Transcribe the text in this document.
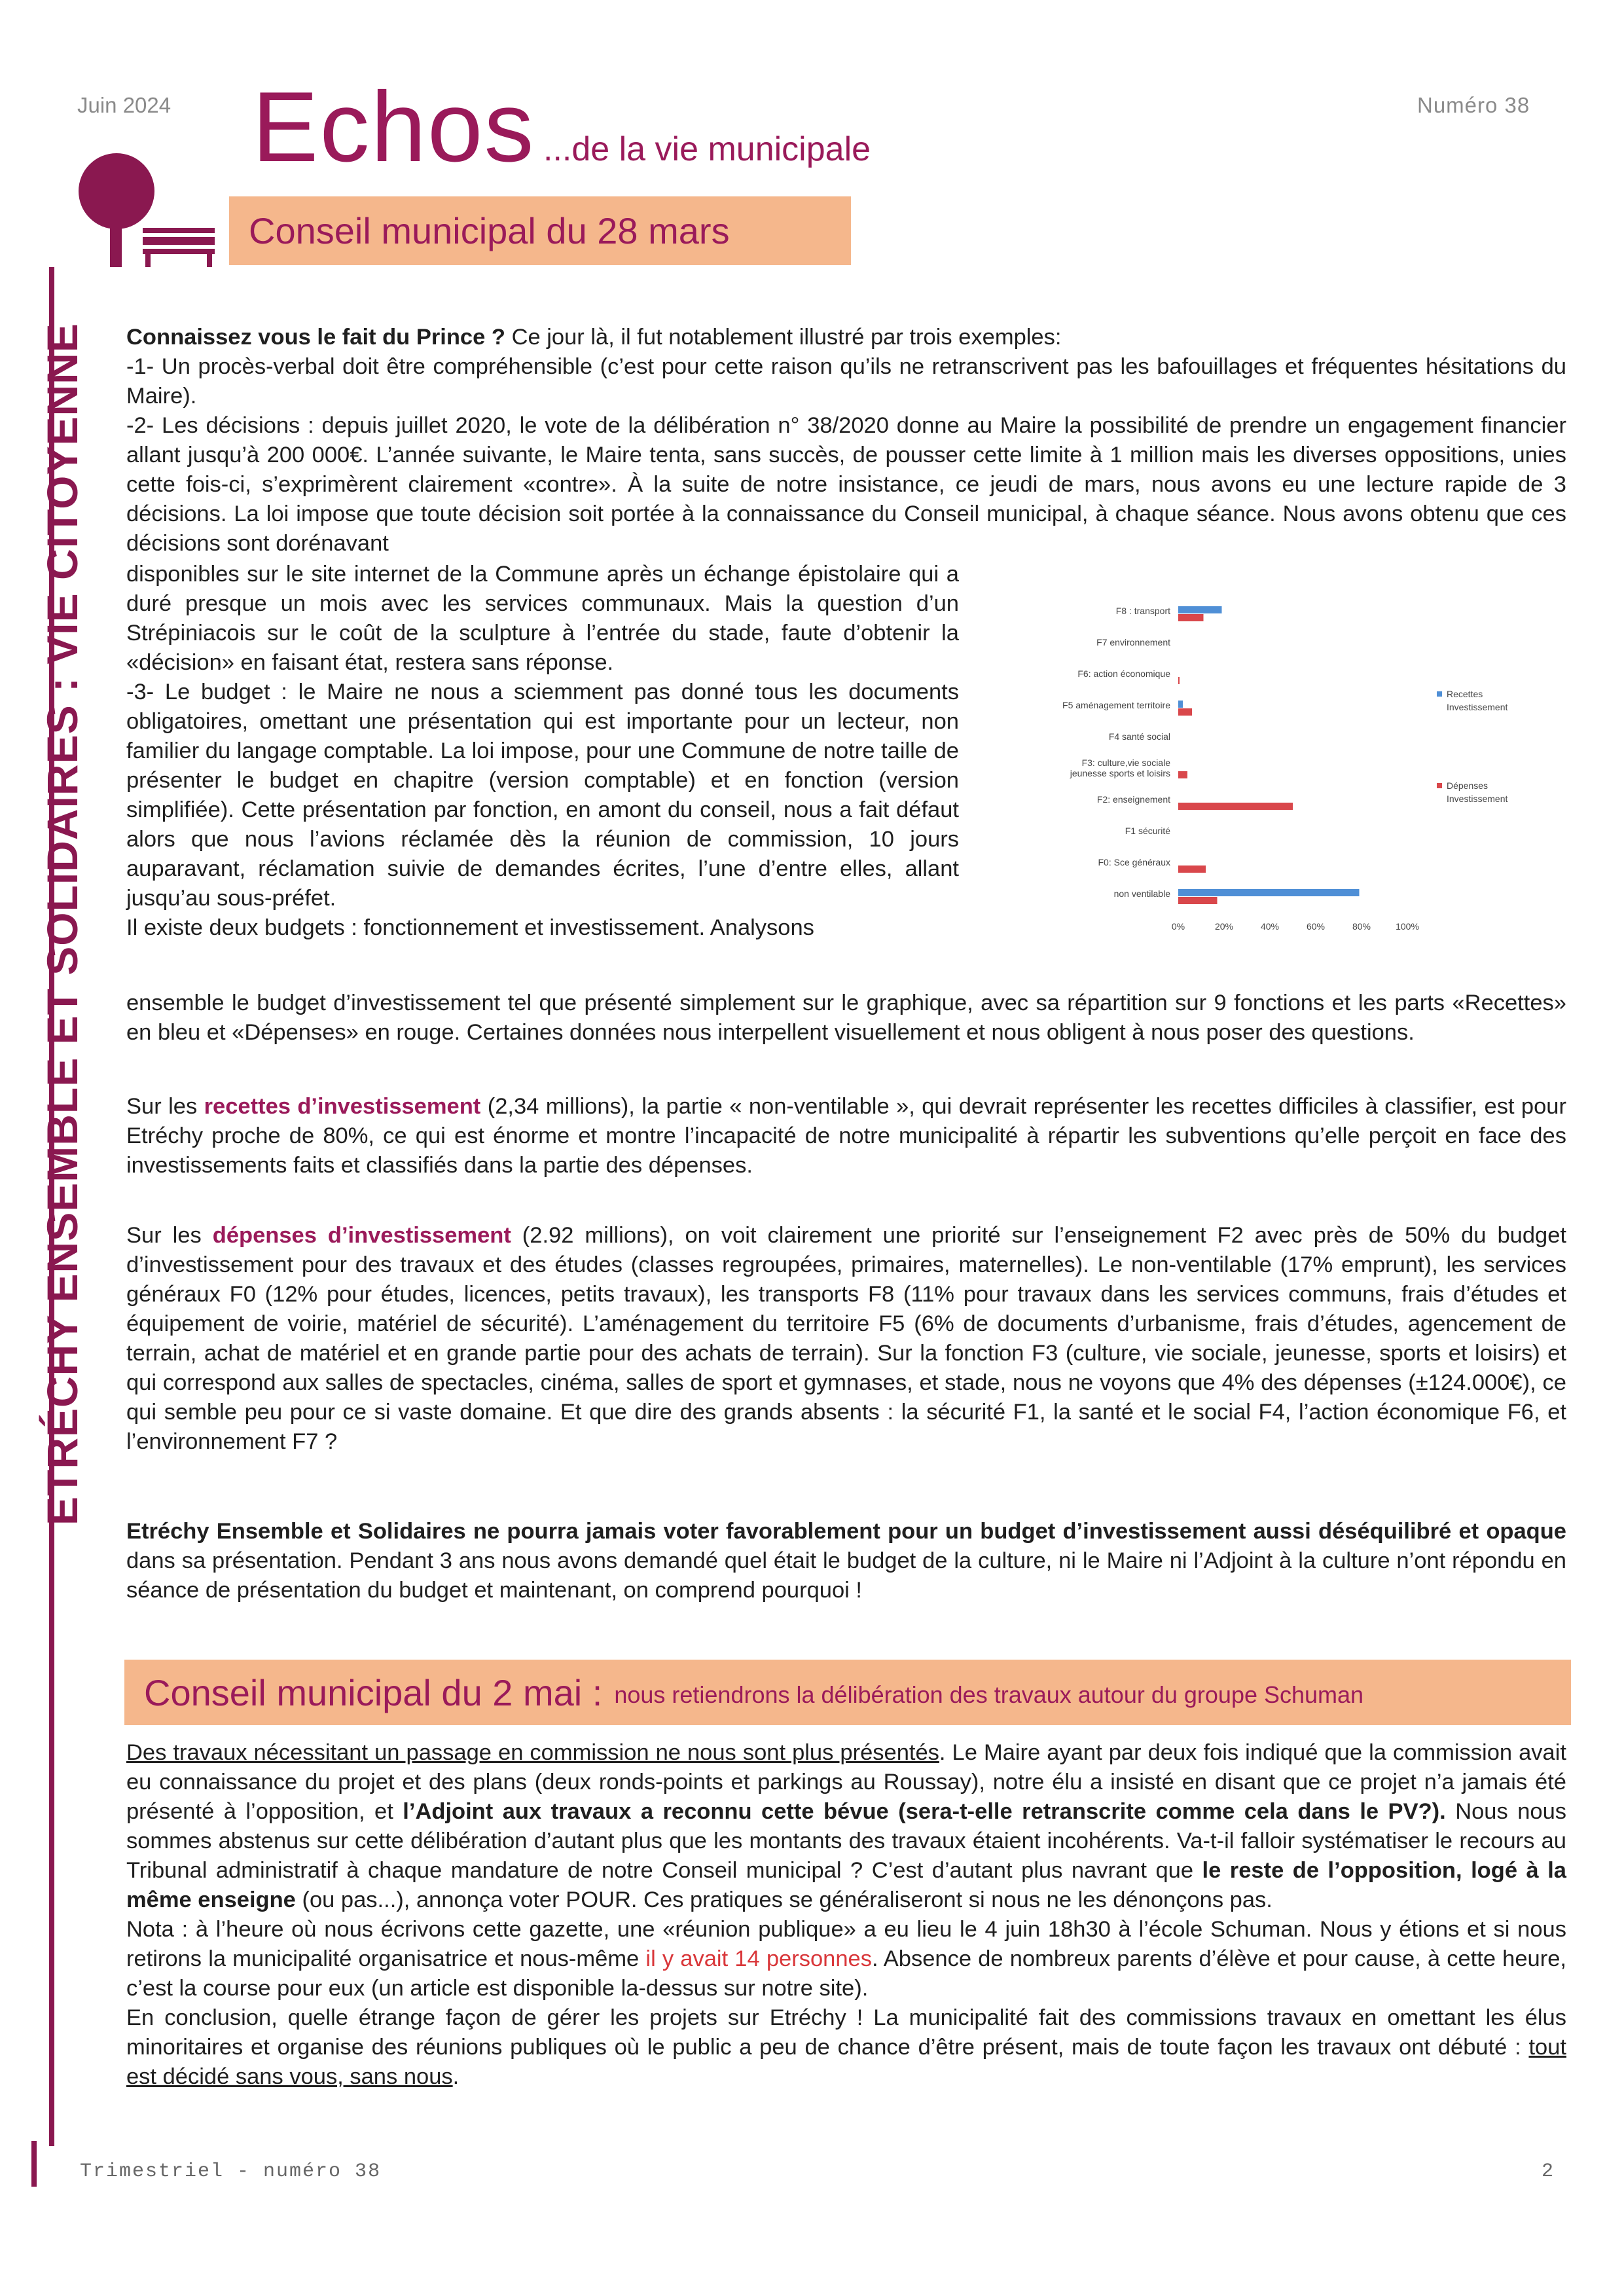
Juin 2024 Echos ...de la vie municipale
Numéro 38
ETRÉCHY ENSEMBLE ET SOLIDAIRES : VIE CITOYENNE
Conseil municipal du 28 mars

Connaissez vous le fait du Prince ? Ce jour là, il fut notablement illustré par trois exemples:

-1- Un procès-verbal doit être compréhensible (c’est pour cette raison qu’ils ne retranscrivent pas les bafouillages et fréquentes hésitations du Maire).

-2- Les décisions : depuis juillet 2020, le vote de la délibération n° 38/2020 donne au Maire la possibilité de prendre un engagement financier allant jusqu’à 200 000€. L’année suivante, le Maire tenta, sans succès, de pousser cette limite à 1 million mais les diverses oppositions, unies cette fois-ci, s’exprimèrent clairement «contre». À la suite de notre insistance, ce jeudi de mars, nous avons eu une lecture rapide de 3 décisions. La loi impose que toute décision soit portée à la connaissance du Conseil municipal, à chaque séance. Nous avons obtenu que ces décisions sont dorénavant

disponibles sur le site internet de la Commune après un échange épistolaire qui a duré presque un mois avec les services communaux. Mais la question d’un Strépiniacois sur le coût de la sculpture à l’entrée du stade, faute d’obtenir la «décision» en faisant état, restera sans réponse.

-3- Le budget : le Maire ne nous a sciemment pas donné tous les documents obligatoires, omettant une présentation qui est importante pour un lecteur, non familier du langage comptable. La loi impose, pour une Commune de notre taille de présenter le budget en chapitre (version comptable) et en fonction (version simplifiée). Cette présentation par fonction, en amont du conseil, nous a fait défaut alors que nous l’avions réclamée dès la réunion de commission, 10 jours auparavant, réclamation suivie de demandes écrites, l’une d’entre elles, allant jusqu’au sous-préfet.

Il existe deux budgets : fonctionnement et investissement. Analysons

ensemble le budget d’investissement tel que présenté simplement sur le graphique, avec sa répartition sur 9 fonctions et les parts «Recettes» en bleu et «Dépenses» en rouge. Certaines données nous interpellent visuellement et nous obligent à nous poser des questions.

Sur les recettes d’investissement (2,34 millions), la partie « non-ventilable », qui devrait représenter les recettes difficiles à classifier, est pour Etréchy proche de 80%, ce qui est énorme et montre l’incapacité de notre municipalité à répartir les subventions qu’elle perçoit en face des investissements faits et classifiés dans la partie des dépenses.

Sur les dépenses d’investissement (2.92 millions), on voit clairement une priorité sur l’enseignement F2 avec près de 50% du budget d’investissement pour des travaux et des études (classes regroupées, primaires, maternelles). Le non-ventilable (17% emprunt), les services généraux F0 (12% pour études, licences, petits travaux), les transports F8 (11% pour travaux dans les services communs, frais d’études et équipement de voirie, matériel de sécurité). L’aménagement du territoire F5 (6% de documents d’urbanisme, frais d’études, agencement de terrain, achat de matériel et en grande partie pour des achats de terrain). Sur la fonction F3 (culture, vie sociale, jeunesse, sports et loisirs) et qui correspond aux salles de spectacles, cinéma, salles de sport et gymnases, et stade, nous ne voyons que 4% des dépenses (±124.000€), ce qui semble peu pour ce si vaste domaine. Et que dire des grands absents : la sécurité F1, la santé et le social F4, l’action économique F6, et l’environnement F7 ?

Etréchy Ensemble et Solidaires ne pourra jamais voter favorablement pour un budget d’investissement aussi déséquilibré et opaque dans sa présentation. Pendant 3 ans nous avons demandé quel était le budget de la culture, ni le Maire ni l’Adjoint à la culture n’ont répondu en séance de présentation du budget et maintenant, on comprend pourquoi !

F8 : transport
F7 environnement
F6: action économique
F5 aménagement territoire
F4 santé social
F3: culture,vie sociale
jeunesse sports et loisirs
F2: enseignement
F1 sécurité
F0: Sce généraux
non ventilable
0%	20%	40%	60%	80%	100%
Recettes
Investissement
Dépenses
Investissement
Conseil municipal du 2 mai : nous retiendrons la délibération des travaux autour du groupe Schuman

Des travaux nécessitant un passage en commission ne nous sont plus présentés. Le Maire ayant par deux fois indiqué que la commission avait eu connaissance du projet et des plans (deux ronds-points et parkings au Roussay), notre élu a insisté en disant que ce projet n’a jamais été présenté à l’opposition, et l’Adjoint aux travaux a reconnu cette bévue (sera-t-elle retranscrite comme cela dans le PV?). Nous nous sommes abstenus sur cette délibération d’autant plus que les montants des travaux étaient incohérents. Va-t-il falloir systématiser le recours au Tribunal administratif à chaque mandature de notre Conseil municipal ? C’est d’autant plus navrant que le reste de l’opposition, logé à la même enseigne (ou pas...), annonça voter POUR. Ces pratiques se généraliseront si nous ne les dénonçons pas.

Nota : à l’heure où nous écrivons cette gazette, une «réunion publique» a eu lieu le 4 juin 18h30 à l’école Schuman. Nous y étions et si nous retirons la municipalité organisatrice et nous-même il y avait 14 personnes. Absence de nombreux parents d’élève et pour cause, à cette heure, c’est la course pour eux (un article est disponible la-dessus sur notre site).

En conclusion, quelle étrange façon de gérer les projets sur Etréchy ! La municipalité fait des commissions travaux en omettant les élus minoritaires et organise des réunions publiques où le public a peu de chance d’être présent, mais de toute façon les travaux ont débuté : tout est décidé sans vous, sans nous.

Trimestriel - numéro 38	2
